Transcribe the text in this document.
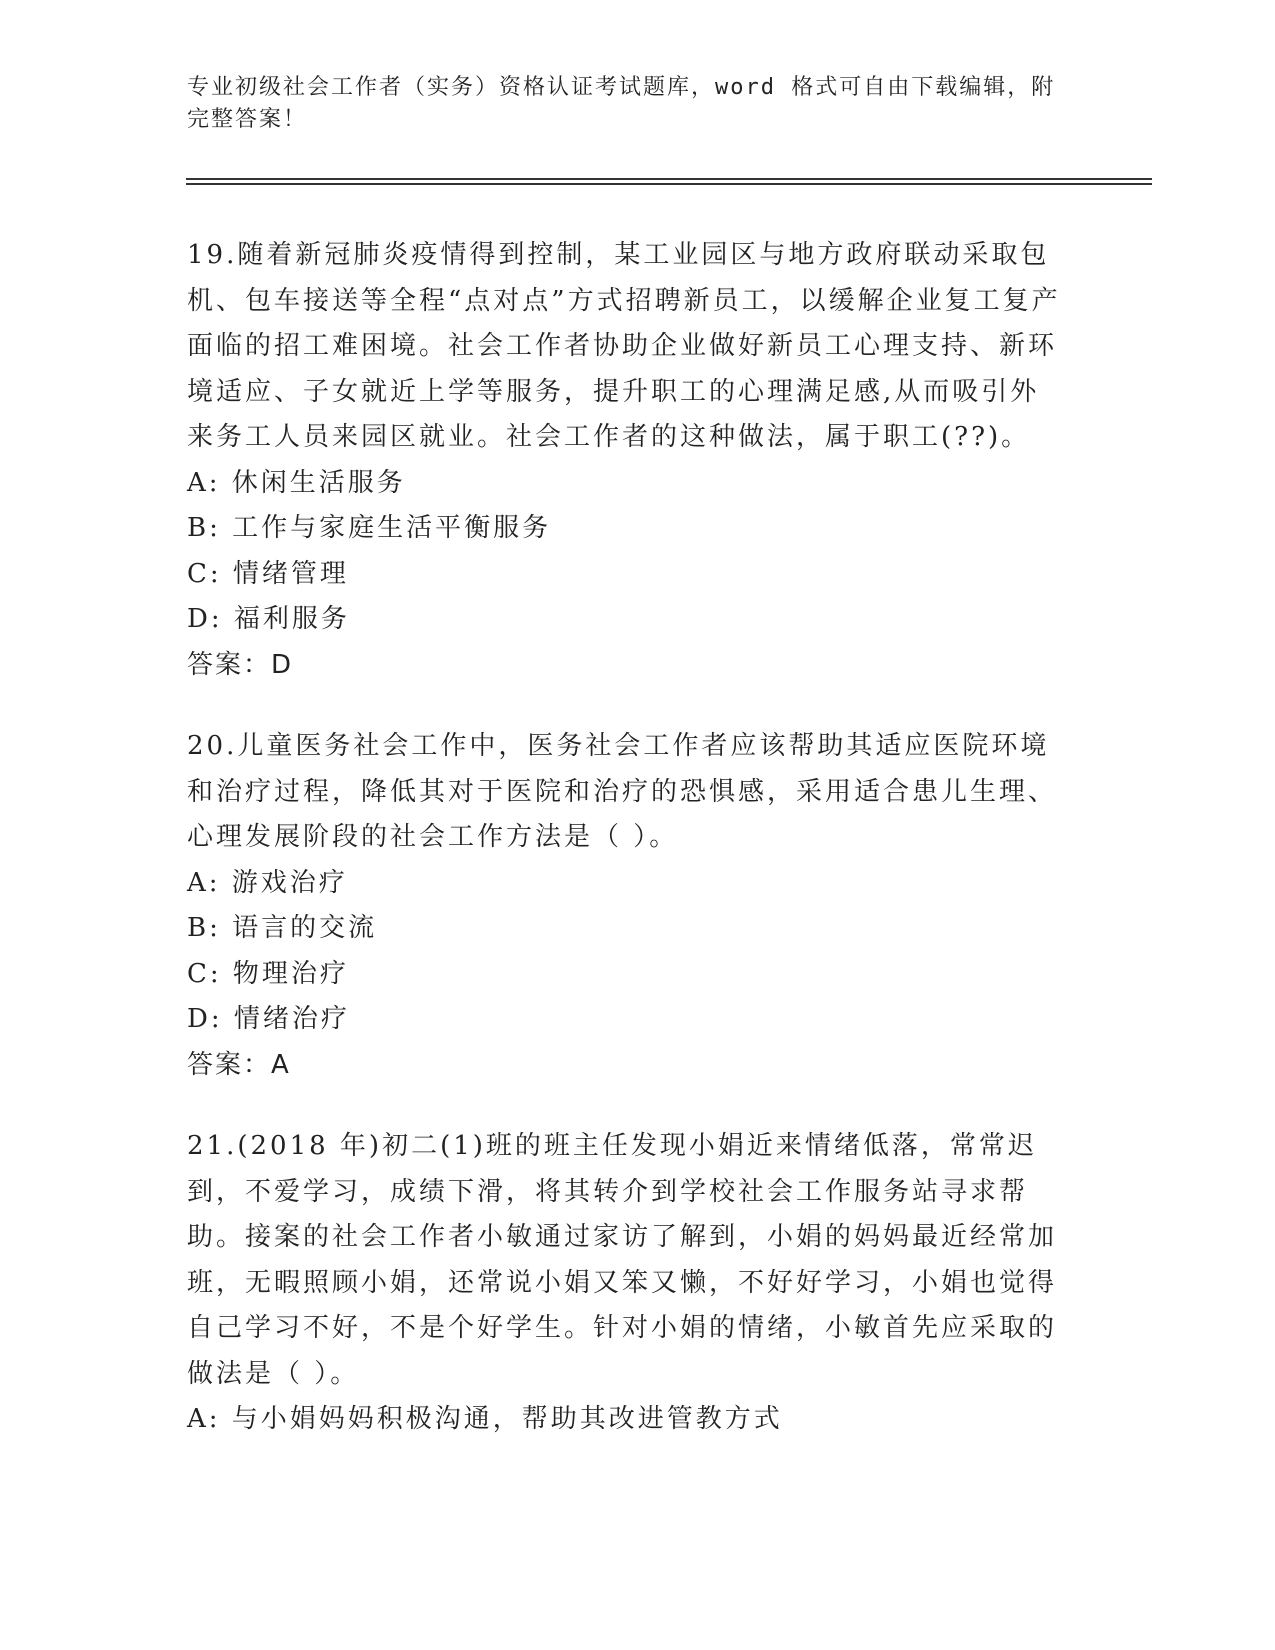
专业初级社会工作者（实务）资格认证考试题库，word 格式可自由下载编辑，附完整答案！

19.随着新冠肺炎疫情得到控制，某工业园区与地方政府联动采取包机、包车接送等全程“点对点”方式招聘新员工，以缓解企业复工复产面临的招工难困境。社会工作者协助企业做好新员工心理支持、新环境适应、子女就近上学等服务，提升职工的心理满足感,从而吸引外来务工人员来园区就业。社会工作者的这种做法，属于职工(??)。

A: 休闲生活服务

B: 工作与家庭生活平衡服务

C: 情绪管理

D: 福利服务

答案：D

20.儿童医务社会工作中，医务社会工作者应该帮助其适应医院环境和治疗过程，降低其对于医院和治疗的恐惧感，采用适合患儿生理、心理发展阶段的社会工作方法是（ ）。

A: 游戏治疗

B: 语言的交流

C: 物理治疗

D: 情绪治疗

答案：A

21.(2018 年)初二(1)班的班主任发现小娟近来情绪低落，常常迟到，不爱学习，成绩下滑，将其转介到学校社会工作服务站寻求帮助。接案的社会工作者小敏通过家访了解到，小娟的妈妈最近经常加班，无暇照顾小娟，还常说小娟又笨又懒，不好好学习，小娟也觉得自己学习不好，不是个好学生。针对小娟的情绪，小敏首先应采取的做法是（ ）。

A: 与小娟妈妈积极沟通，帮助其改进管教方式
